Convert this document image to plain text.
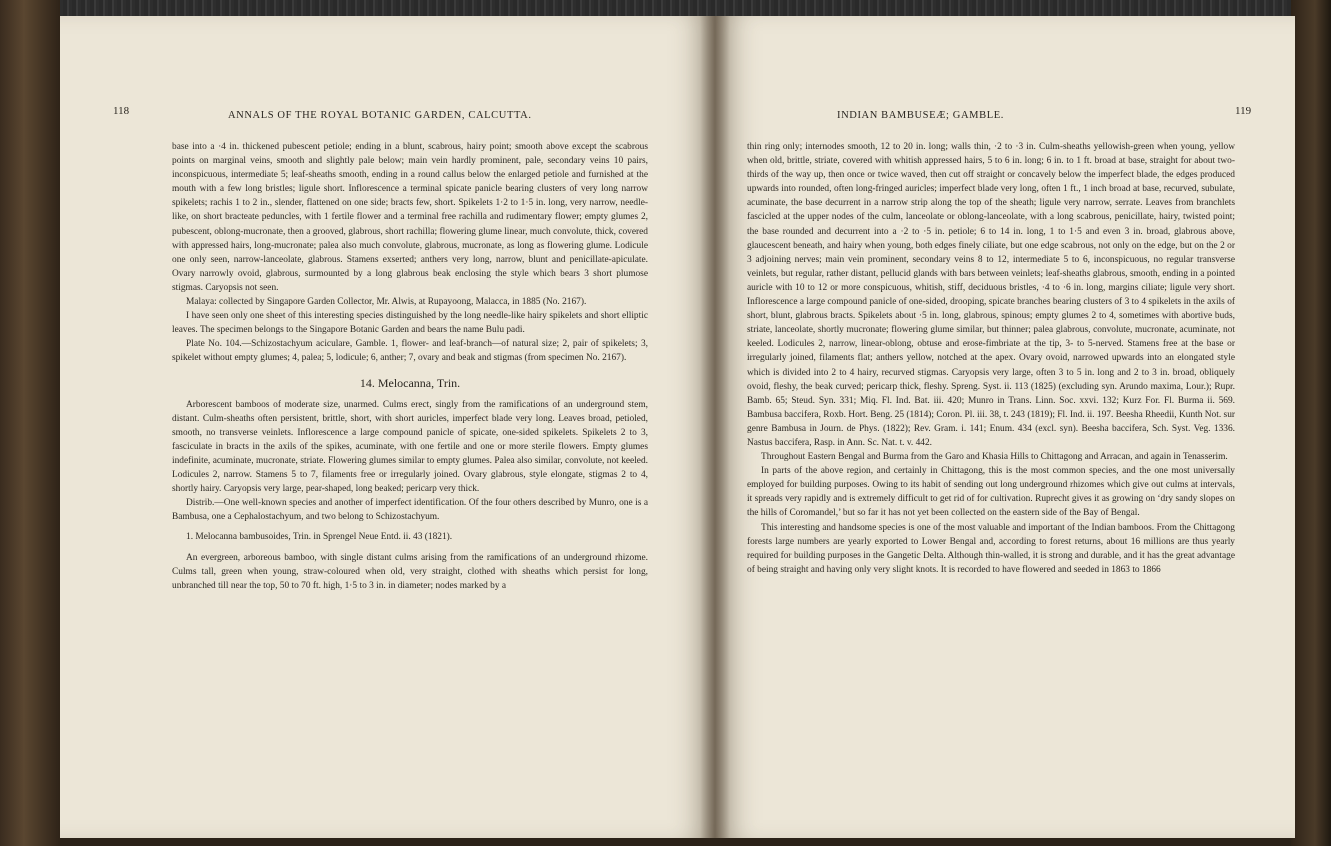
118	ANNALS OF THE ROYAL BOTANIC GARDEN, CALCUTTA.

base into a ·4 in. thickened pubescent petiole; ending in a blunt, scabrous, hairy point; smooth above except the scabrous points on marginal veins, smooth and slightly pale below; main vein hardly prominent, pale, secondary veins 10 pairs, inconspicuous, intermediate 5; leaf-sheaths smooth, ending in a round callus below the enlarged petiole and furnished at the mouth with a few long bristles; ligule short. Inflorescence a terminal spicate panicle bearing clusters of very long narrow spikelets; rachis 1 to 2 in., slender, flattened on one side; bracts few, short. Spikelets 1·2 to 1·5 in. long, very narrow, needle-like, on short bracteate peduncles, with 1 fertile flower and a terminal free rachilla and rudimentary flower; empty glumes 2, pubescent, oblong-mucronate, then a grooved, glabrous, short rachilla; flowering glume linear, much convolute, thick, covered with appressed hairs, long-mucronate; palea also much convolute, glabrous, mucronate, as long as flowering glume. Lodicule one only seen, narrow-lanceolate, glabrous. Stamens exserted; anthers very long, narrow, blunt and penicillate-apiculate. Ovary narrowly ovoid, glabrous, surmounted by a long glabrous beak enclosing the style which bears 3 short plumose stigmas. Caryopsis not seen.

Malaya: collected by Singapore Garden Collector, Mr. Alwis, at Rupayoong, Malacca, in 1885 (No. 2167).

I have seen only one sheet of this interesting species distinguished by the long needle-like hairy spikelets and short elliptic leaves. The specimen belongs to the Singapore Botanic Garden and bears the name Bulu padi.

Plate No. 104.—Schizostachyum aciculare, Gamble. 1, flower- and leaf-branch—of natural size; 2, pair of spikelets; 3, spikelet without empty glumes; 4, palea; 5, lodicule; 6, anther; 7, ovary and beak and stigmas (from specimen No. 2167).

14. Melocanna, Trin.

Arborescent bamboos of moderate size, unarmed. Culms erect, singly from the ramifications of an underground stem, distant. Culm-sheaths often persistent, brittle, short, with short auricles, imperfect blade very long. Leaves broad, petioled, smooth, no transverse veinlets. Inflorescence a large compound panicle of spicate, one-sided spikelets. Spikelets 2 to 3, fasciculate in bracts in the axils of the spikes, acuminate, with one fertile and one or more sterile flowers. Empty glumes indefinite, acuminate, mucronate, striate. Flowering glumes similar to empty glumes. Palea also similar, convolute, not keeled. Lodicules 2, narrow. Stamens 5 to 7, filaments free or irregularly joined. Ovary glabrous, style elongate, stigmas 2 to 4, shortly hairy. Caryopsis very large, pear-shaped, long beaked; pericarp very thick.

Distrib.—One well-known species and another of imperfect identification. Of the four others described by Munro, one is a Bambusa, one a Cephalostachyum, and two belong to Schizostachyum.

1. Melocanna bambusoides, Trin. in Sprengel Neue Entd. ii. 43 (1821).

An evergreen, arboreous bamboo, with single distant culms arising from the ramifications of an underground rhizome. Culms tall, green when young, straw-coloured when old, very straight, clothed with sheaths which persist for long, unbranched till near the top, 50 to 70 ft. high, 1·5 to 3 in. in diameter; nodes marked by a

INDIAN BAMBUSEÆ; GAMBLE.	119

thin ring only; internodes smooth, 12 to 20 in. long; walls thin, ·2 to ·3 in. Culm-sheaths yellowish-green when young, yellow when old, brittle, striate, covered with whitish appressed hairs, 5 to 6 in. long; 6 in. to 1 ft. broad at base, straight for about two-thirds of the way up, then once or twice waved, then cut off straight or concavely below the imperfect blade, the edges produced upwards into rounded, often long-fringed auricles; imperfect blade very long, often 1 ft., 1 inch broad at base, recurved, subulate, acuminate, the base decurrent in a narrow strip along the top of the sheath; ligule very narrow, serrate. Leaves from branchlets fascicled at the upper nodes of the culm, lanceolate or oblong-lanceolate, with a long scabrous, penicillate, hairy, twisted point; the base rounded and decurrent into a ·2 to ·5 in. petiole; 6 to 14 in. long, 1 to 1·5 and even 3 in. broad, glabrous above, glaucescent beneath, and hairy when young, both edges finely ciliate, but one edge scabrous, not only on the edge, but on the 2 or 3 adjoining nerves; main vein prominent, secondary veins 8 to 12, intermediate 5 to 6, inconspicuous, no regular transverse veinlets, but regular, rather distant, pellucid glands with bars between veinlets; leaf-sheaths glabrous, smooth, ending in a pointed auricle with 10 to 12 or more conspicuous, whitish, stiff, deciduous bristles, ·4 to ·6 in. long, margins ciliate; ligule very short. Inflorescence a large compound panicle of one-sided, drooping, spicate branches bearing clusters of 3 to 4 spikelets in the axils of short, blunt, glabrous bracts. Spikelets about ·5 in. long, glabrous, spinous; empty glumes 2 to 4, sometimes with abortive buds, striate, lanceolate, shortly mucronate; flowering glume similar, but thinner; palea glabrous, convolute, mucronate, acuminate, not keeled. Lodicules 2, narrow, linear-oblong, obtuse and erose-fimbriate at the tip, 3- to 5-nerved. Stamens free at the base or irregularly joined, filaments flat; anthers yellow, notched at the apex. Ovary ovoid, narrowed upwards into an elongated style which is divided into 2 to 4 hairy, recurved stigmas. Caryopsis very large, often 3 to 5 in. long and 2 to 3 in. broad, obliquely ovoid, fleshy, the beak curved; pericarp thick, fleshy. Spreng. Syst. ii. 113 (1825) (excluding syn. Arundo maxima, Lour.); Rupr. Bamb. 65; Steud. Syn. 331; Miq. Fl. Ind. Bat. iii. 420; Munro in Trans. Linn. Soc. xxvi. 132; Kurz For. Fl. Burma ii. 569. Bambusa baccifera, Roxb. Hort. Beng. 25 (1814); Coron. Pl. iii. 38, t. 243 (1819); Fl. Ind. ii. 197. Beesha Rheedii, Kunth Not. sur genre Bambusa in Journ. de Phys. (1822); Rev. Gram. i. 141; Enum. 434 (excl. syn). Beesha baccifera, Sch. Syst. Veg. 1336. Nastus baccifera, Rasp. in Ann. Sc. Nat. t. v. 442.

Throughout Eastern Bengal and Burma from the Garo and Khasia Hills to Chittagong and Arracan, and again in Tenasserim.

In parts of the above region, and certainly in Chittagong, this is the most common species, and the one most universally employed for building purposes. Owing to its habit of sending out long underground rhizomes which give out culms at intervals, it spreads very rapidly and is extremely difficult to get rid of for cultivation. Ruprecht gives it as growing on ‘dry sandy slopes on the hills of Coromandel,’ but so far it has not yet been collected on the eastern side of the Bay of Bengal.

This interesting and handsome species is one of the most valuable and important of the Indian bamboos. From the Chittagong forests large numbers are yearly exported to Lower Bengal and, according to forest returns, about 16 millions are thus yearly required for building purposes in the Gangetic Delta. Although thin-walled, it is strong and durable, and it has the great advantage of being straight and having only very slight knots. It is recorded to have flowered and seeded in 1863 to 1866
